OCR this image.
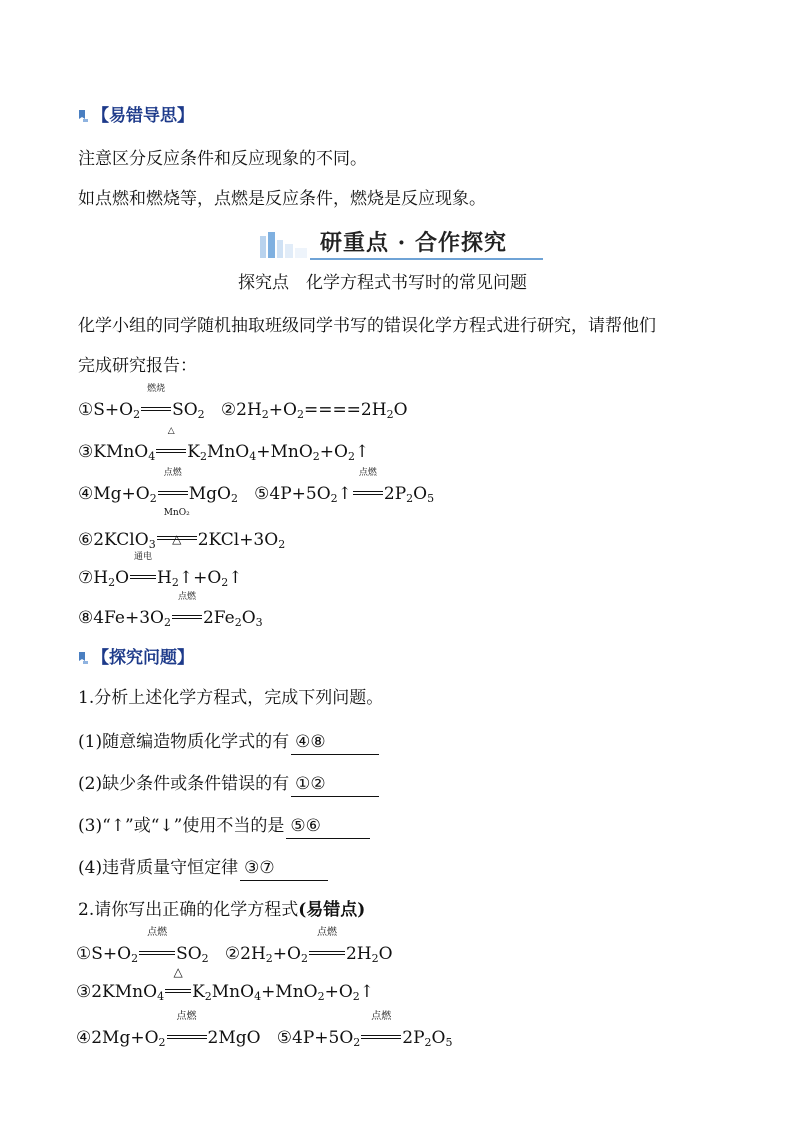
【易错导思】
注意区分反应条件和反应现象的不同。
如点燃和燃烧等，点燃是反应条件，燃烧是反应现象。
研重点 · 合作探究
探究点　化学方程式书写时的常见问题
化学小组的同学随机抽取班级同学书写的错误化学方程式进行研究，请帮他们
完成研究报告：
$①S+O_2$
燃烧
$SO_2$   $②2H_2+O_2====2H_2O$
③KMnO$_4$
△
$K_2MnO_4+MnO_2+O_2↑$
$④Mg+O_2$
点燃
MgO$_2$   $⑤4P+5O_2↑$
点燃
$2P_2O_5$
⑥2KClO$_3$
MnO₂
△ $2KCl+3O_2$
$⑦H_2O$
通电
$H_2↑+O_2↑$
$⑧4Fe+3O_2$
点燃
$2Fe_2O_3$
【探究问题】
1.分析上述化学方程式，完成下列问题。
(1)随意编造物质化学式的有 ④⑧
(2)缺少条件或条件错误的有 ①②
(3)“↑”或“↓”使用不当的是 ⑤⑥
(4)违背质量守恒定律 ③⑦
2.请你写出正确的化学方程式(易错点)
$①S+O_2$
点燃
$SO_2$   $②2H_2+O_2$
点燃
$2H_2O$
③2KMnO$_4$
△
$K_2MnO_4+MnO_2+O_2↑$
$④2Mg+O_2$
点燃
2MgO   $⑤4P+5O_2$
点燃
$2P_2O_5$
